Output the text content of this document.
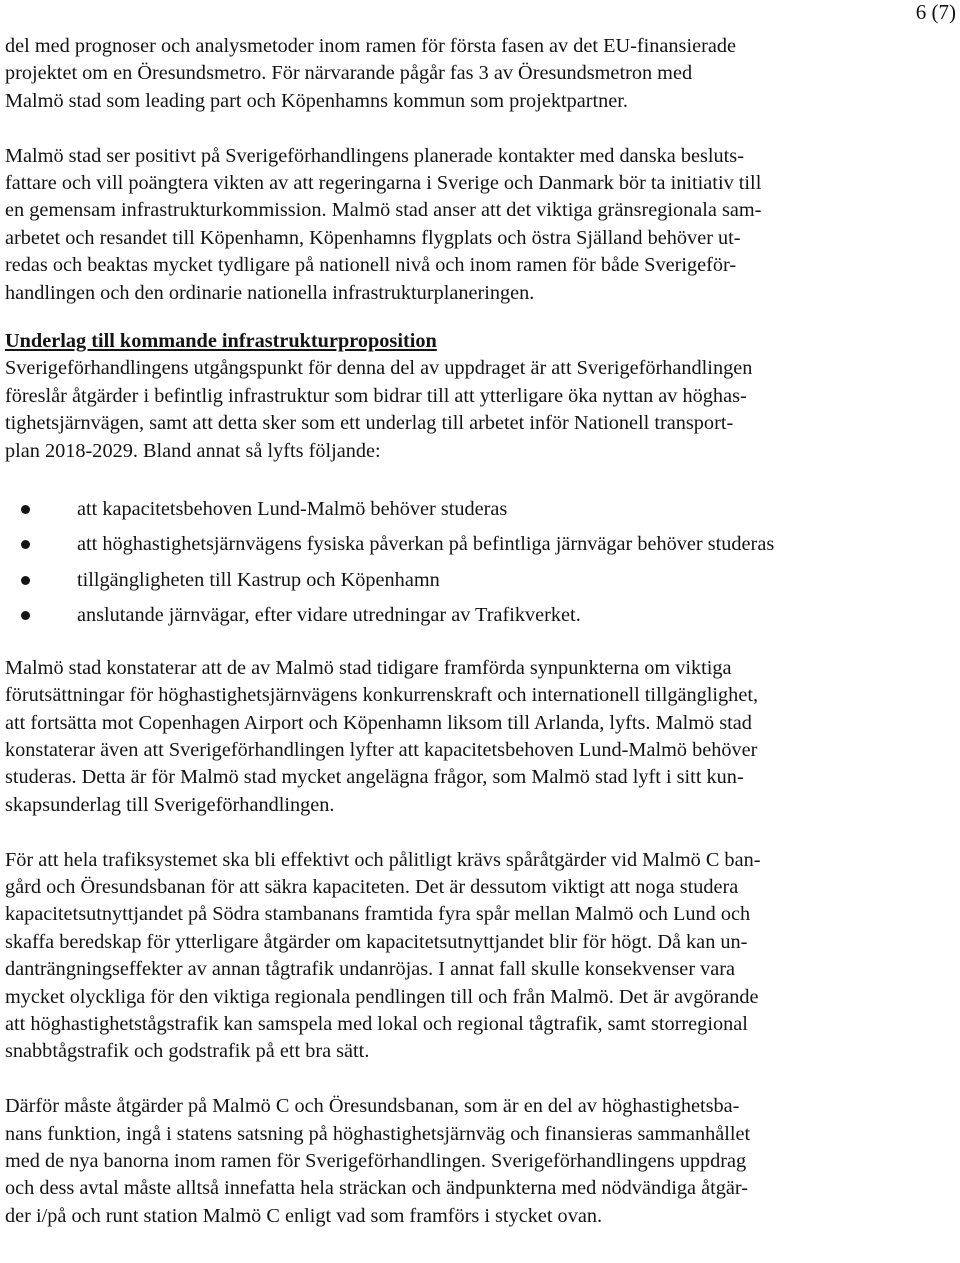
6 (7)

del med prognoser och analysmetoder inom ramen för första fasen av det EU-finansierade
projektet om en Öresundsmetro. För närvarande pågår fas 3 av Öresundsmetron med
Malmö stad som leading part och Köpenhamns kommun som projektpartner.

Malmö stad ser positivt på Sverigeförhandlingens planerade kontakter med danska besluts-
fattare och vill poängtera vikten av att regeringarna i Sverige och Danmark bör ta initiativ till
en gemensam infrastrukturkommission. Malmö stad anser att det viktiga gränsregionala sam-
arbetet och resandet till Köpenhamn, Köpenhamns flygplats och östra Själland behöver ut-
redas och beaktas mycket tydligare på nationell nivå och inom ramen för både Sverigeför-
handlingen och den ordinarie nationella infrastrukturplaneringen.

Underlag till kommande infrastrukturproposition

Sverigeförhandlingens utgångspunkt för denna del av uppdraget är att Sverigeförhandlingen
föreslår åtgärder i befintlig infrastruktur som bidrar till att ytterligare öka nyttan av höghas-
tighetsjärnvägen, samt att detta sker som ett underlag till arbetet inför Nationell transport-
plan 2018-2029. Bland annat så lyfts följande:

att kapacitetsbehoven Lund-Malmö behöver studeras
att höghastighetsjärnvägens fysiska påverkan på befintliga järnvägar behöver studeras
tillgängligheten till Kastrup och Köpenhamn
anslutande järnvägar, efter vidare utredningar av Trafikverket.

Malmö stad konstaterar att de av Malmö stad tidigare framförda synpunkterna om viktiga
förutsättningar för höghastighetsjärnvägens konkurrenskraft och internationell tillgänglighet,
att fortsätta mot Copenhagen Airport och Köpenhamn liksom till Arlanda, lyfts. Malmö stad
konstaterar även att Sverigeförhandlingen lyfter att kapacitetsbehoven Lund-Malmö behöver
studeras. Detta är för Malmö stad mycket angelägna frågor, som Malmö stad lyft i sitt kun-
skapsunderlag till Sverigeförhandlingen.

För att hela trafiksystemet ska bli effektivt och pålitligt krävs spåråtgärder vid Malmö C ban-
gård och Öresundsbanan för att säkra kapaciteten. Det är dessutom viktigt att noga studera
kapacitetsutnyttjandet på Södra stambanans framtida fyra spår mellan Malmö och Lund och
skaffa beredskap för ytterligare åtgärder om kapacitetsutnyttjandet blir för högt. Då kan un-
danträngningseffekter av annan tågtrafik undanröjas. I annat fall skulle konsekvenser vara
mycket olyckliga för den viktiga regionala pendlingen till och från Malmö. Det är avgörande
att höghastighetstågstrafik kan samspela med lokal och regional tågtrafik, samt storregional
snabbtågstrafik och godstrafik på ett bra sätt.

Därför måste åtgärder på Malmö C och Öresundsbanan, som är en del av höghastighetsba-
nans funktion, ingå i statens satsning på höghastighetsjärnväg och finansieras sammanhållet
med de nya banorna inom ramen för Sverigeförhandlingen. Sverigeförhandlingens uppdrag
och dess avtal måste alltså innefatta hela sträckan och ändpunkterna med nödvändiga åtgär-
der i/på och runt station Malmö C enligt vad som framförs i stycket ovan.
